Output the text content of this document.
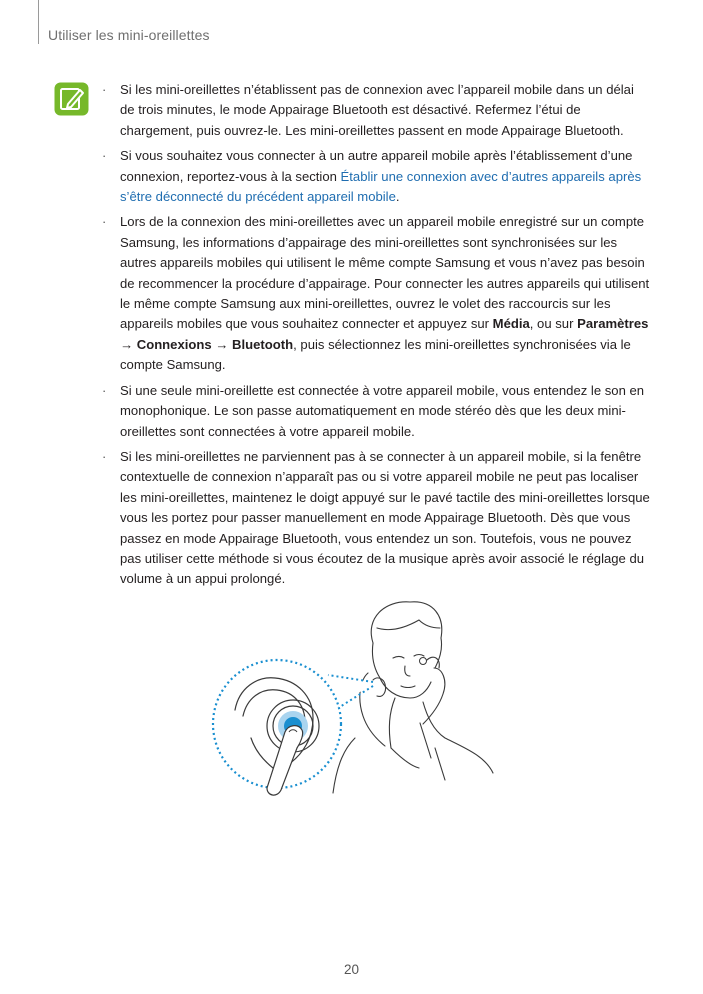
Utiliser les mini-oreillettes
· Si les mini-oreillettes n’établissent pas de connexion avec l’appareil mobile dans un délai de trois minutes, le mode Appairage Bluetooth est désactivé. Refermez l’étui de chargement, puis ouvrez-le. Les mini-oreillettes passent en mode Appairage Bluetooth.
· Si vous souhaitez vous connecter à un autre appareil mobile après l’établissement d’une connexion, reportez-vous à la section Établir une connexion avec d’autres appareils après s’être déconnecté du précédent appareil mobile.
· Lors de la connexion des mini-oreillettes avec un appareil mobile enregistré sur un compte Samsung, les informations d’appairage des mini-oreillettes sont synchronisées sur les autres appareils mobiles qui utilisent le même compte Samsung et vous n’avez pas besoin de recommencer la procédure d’appairage. Pour connecter les autres appareils qui utilisent le même compte Samsung aux mini-oreillettes, ouvrez le volet des raccourcis sur les appareils mobiles que vous souhaitez connecter et appuyez sur Média, ou sur Paramètres → Connexions → Bluetooth, puis sélectionnez les mini-oreillettes synchronisées via le compte Samsung.
· Si une seule mini-oreillette est connectée à votre appareil mobile, vous entendez le son en monophonique. Le son passe automatiquement en mode stéréo dès que les deux mini-oreillettes sont connectées à votre appareil mobile.
· Si les mini-oreillettes ne parviennent pas à se connecter à un appareil mobile, si la fenêtre contextuelle de connexion n’apparaît pas ou si votre appareil mobile ne peut pas localiser les mini-oreillettes, maintenez le doigt appuyé sur le pavé tactile des mini-oreillettes lorsque vous les portez pour passer manuellement en mode Appairage Bluetooth. Dès que vous passez en mode Appairage Bluetooth, vous entendez un son. Toutefois, vous ne pouvez pas utiliser cette méthode si vous écoutez de la musique après avoir associé le réglage du volume à un appui prolongé.
20
